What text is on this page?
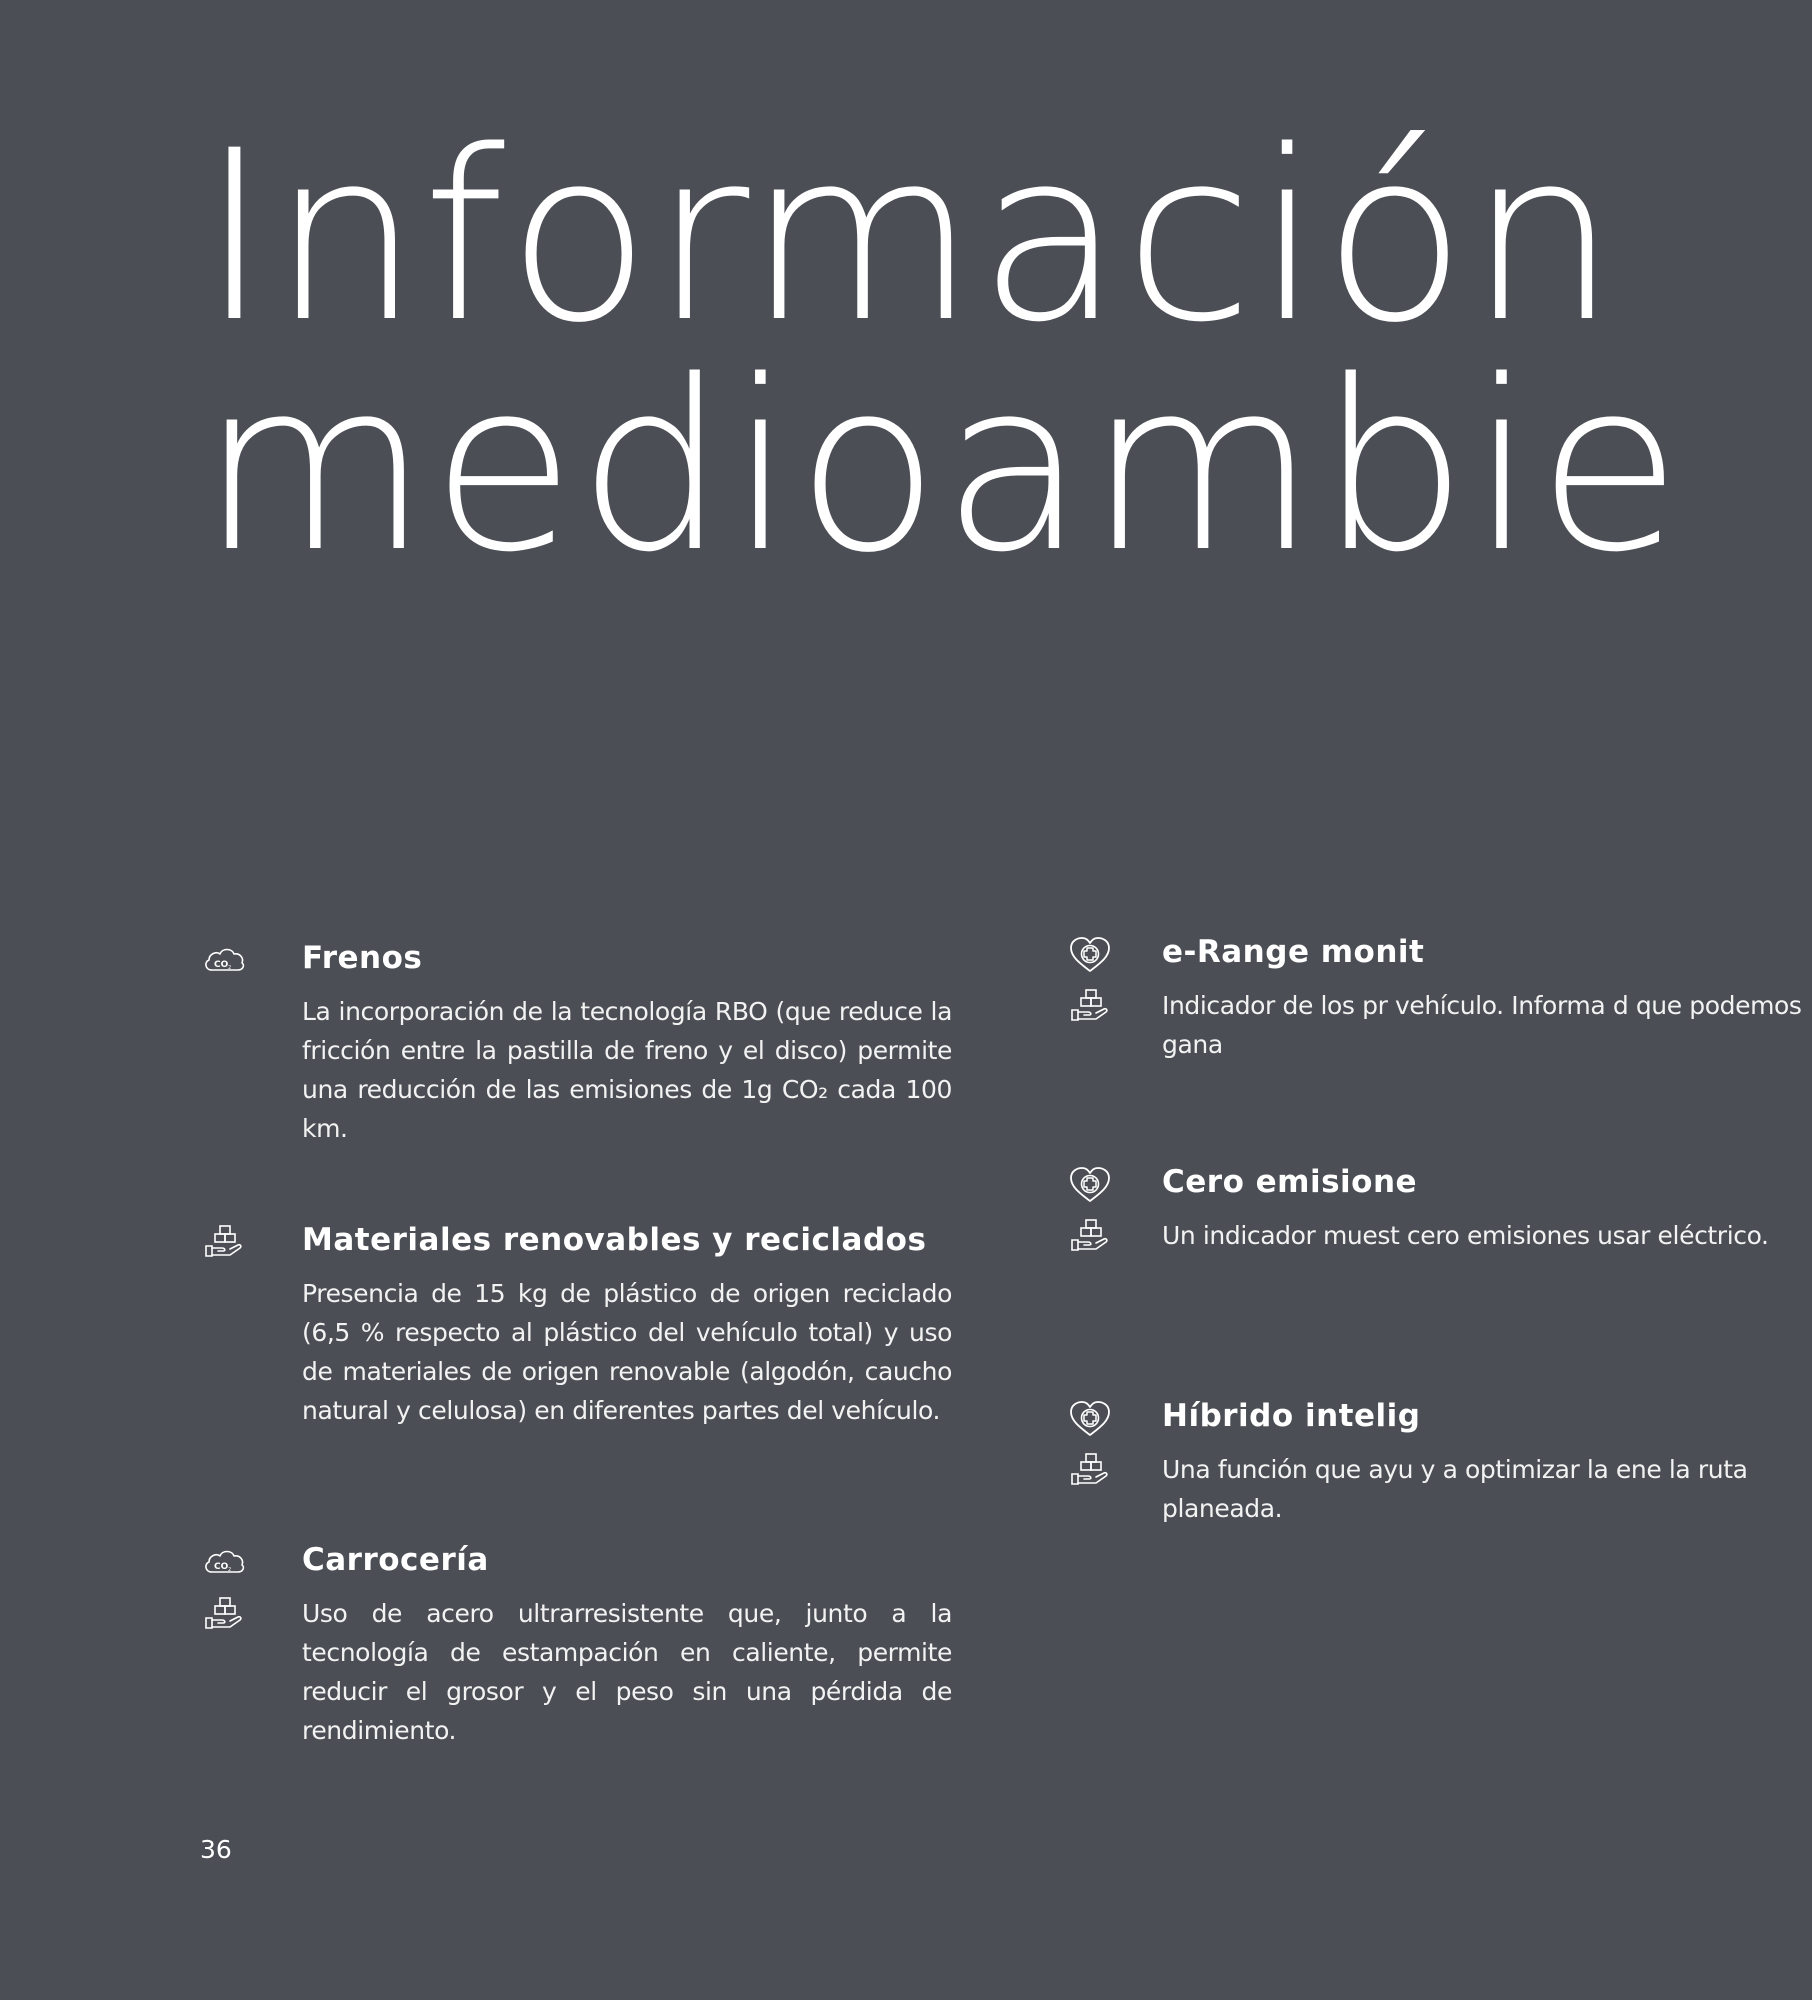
Información
medioambie
Frenos

La incorporación de la tecnología RBO (que reduce la fricción entre la pastilla de freno y el disco) permite una reducción de las emisiones de 1g CO₂ cada 100 km.

Materiales renovables y reciclados

Presencia de 15 kg de plástico de origen reciclado (6,5 % respecto al plástico del vehículo total) y uso de materiales de origen renovable (algodón, caucho natural y celulosa) en diferentes partes del vehículo.

Carrocería

Uso de acero ultrarresistente que, junto a la tecnología de estampación en caliente, permite reducir el grosor y el peso sin una pérdida de rendimiento.

e-Range monit

Indicador de los pr vehículo. Informa d que podemos gana

Cero emisione

Un indicador muest cero emisiones usar eléctrico.

Híbrido intelig

Una función que ayu y a optimizar la ene la ruta planeada.

36
